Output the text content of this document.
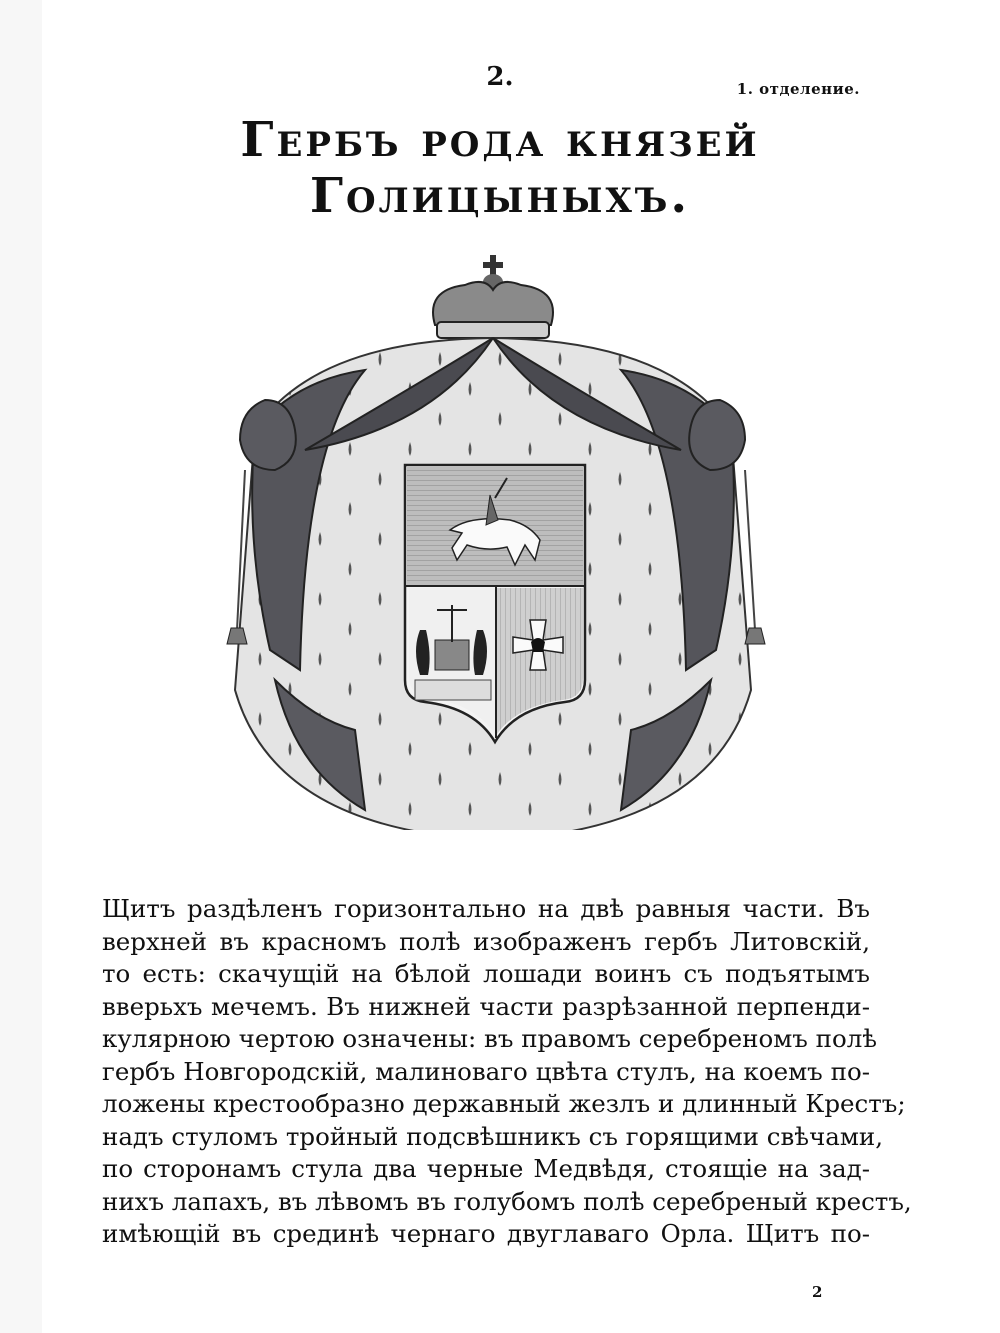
2.	1. отделение.
Гербъ рода князей Голицыныхъ.
Щитъ раздѣленъ горизонтально на двѣ равныя части. Въ
верхней въ красномъ полѣ изображенъ гербъ Литовскій,
то есть: скачущій на бѣлой лошади воинъ съ подъятымъ
вверьхъ мечемъ. Въ нижней части разрѣзанной перпенди-
кулярною чертою означены: въ правомъ серебреномъ полѣ
гербъ Новгородскій, малиноваго цвѣта стулъ, на коемъ по-
ложены крестообразно державный жезлъ и длинный Крестъ;
надъ стуломъ тройный подсвѣшникъ съ горящими свѣчами,
по сторонамъ стула два черные Медвѣдя, стоящіе на зад-
нихъ лапахъ, въ лѣвомъ въ голубомъ полѣ серебреный крестъ,
имѣющій въ срединѣ чернаго двуглаваго Орла. Щитъ по-
2
